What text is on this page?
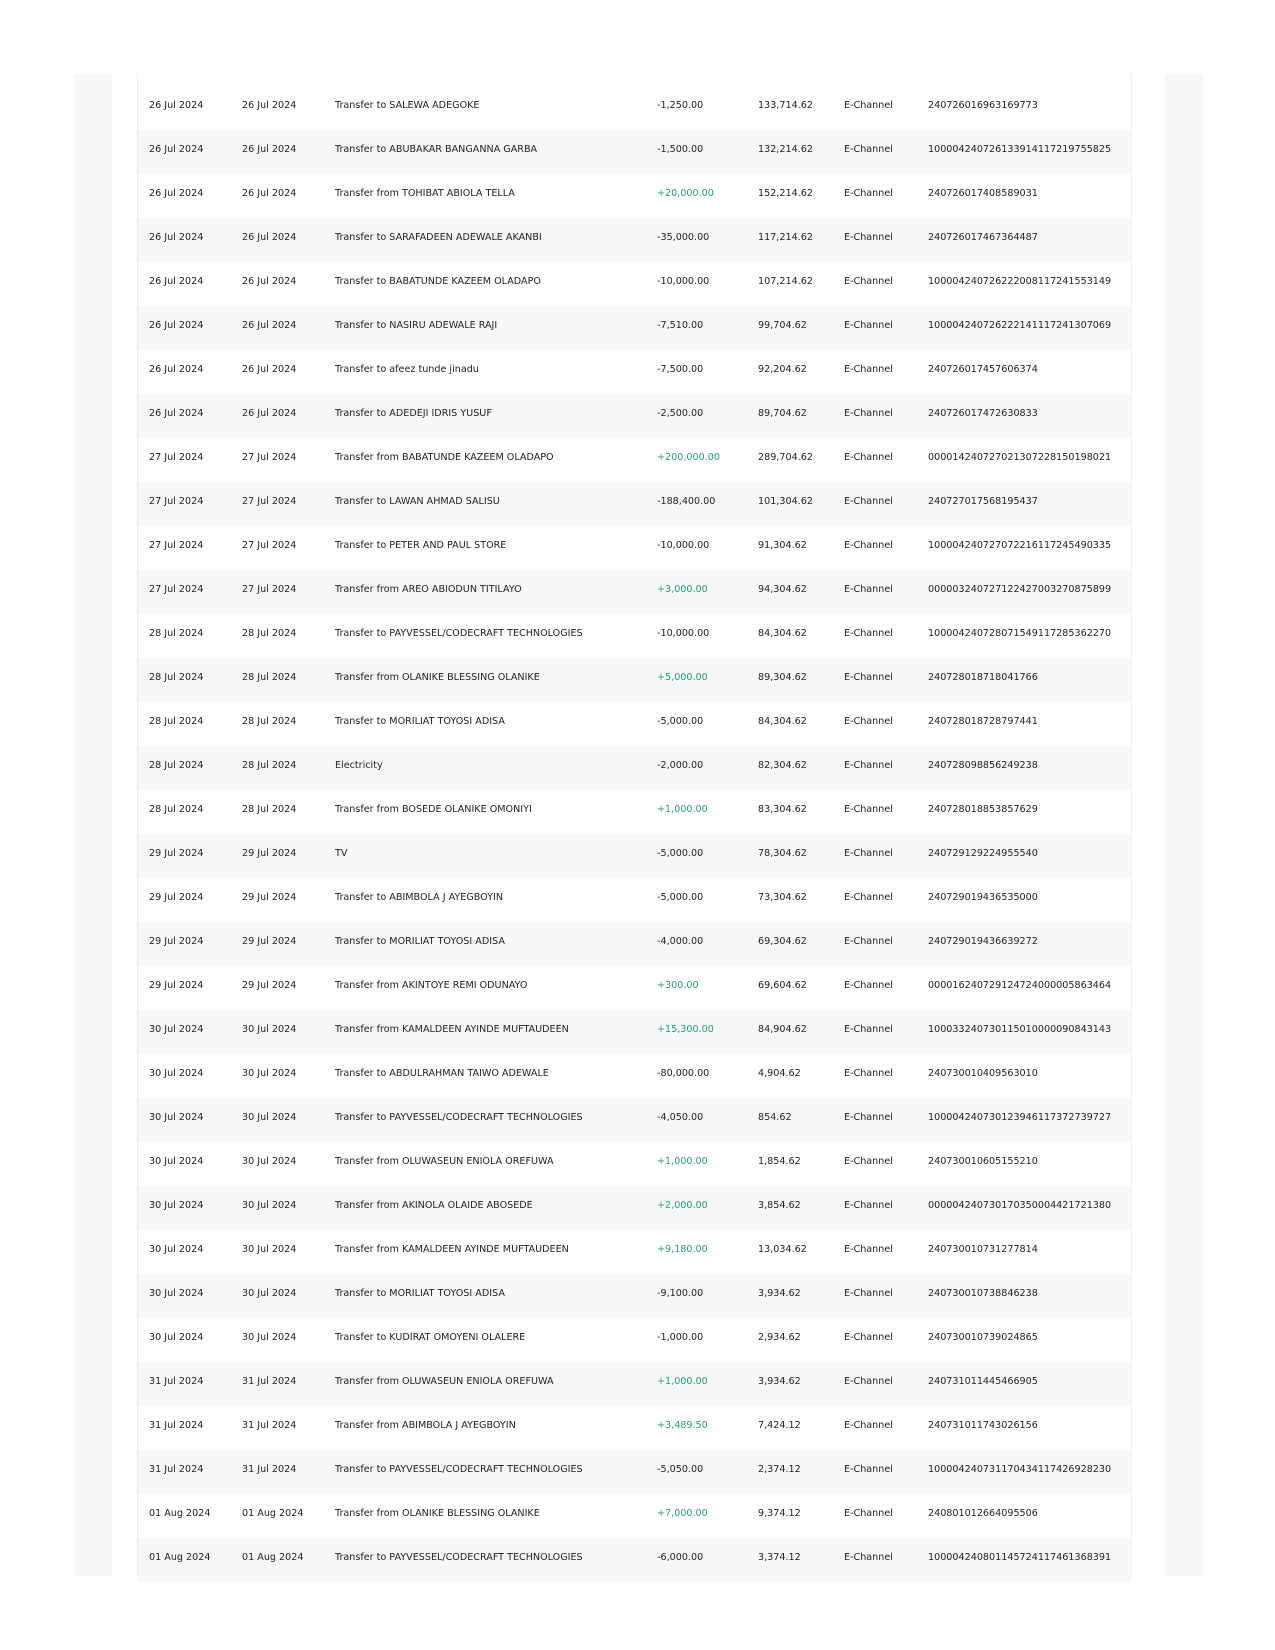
26 Jul 2024	26 Jul 2024	Transfer to SALEWA ADEGOKE	-1,250.00	133,714.62	E-Channel	240726016963169773
26 Jul 2024	26 Jul 2024	Transfer to ABUBAKAR BANGANNA GARBA	-1,500.00	132,214.62	E-Channel	100004240726133914117219755825
26 Jul 2024	26 Jul 2024	Transfer from TOHIBAT ABIOLA TELLA	+20,000.00	152,214.62	E-Channel	240726017408589031
26 Jul 2024	26 Jul 2024	Transfer to SARAFADEEN ADEWALE AKANBI	-35,000.00	117,214.62	E-Channel	240726017467364487
26 Jul 2024	26 Jul 2024	Transfer to BABATUNDE KAZEEM OLADAPO	-10,000.00	107,214.62	E-Channel	100004240726222008117241553149
26 Jul 2024	26 Jul 2024	Transfer to NASIRU ADEWALE RAJI	-7,510.00	99,704.62	E-Channel	100004240726222141117241307069
26 Jul 2024	26 Jul 2024	Transfer to afeez tunde jinadu	-7,500.00	92,204.62	E-Channel	240726017457606374
26 Jul 2024	26 Jul 2024	Transfer to ADEDEJI IDRIS YUSUF	-2,500.00	89,704.62	E-Channel	240726017472630833
27 Jul 2024	27 Jul 2024	Transfer from BABATUNDE KAZEEM OLADAPO	+200,000.00	289,704.62	E-Channel	000014240727021307228150198021
27 Jul 2024	27 Jul 2024	Transfer to LAWAN AHMAD SALISU	-188,400.00	101,304.62	E-Channel	240727017568195437
27 Jul 2024	27 Jul 2024	Transfer to PETER AND PAUL STORE	-10,000.00	91,304.62	E-Channel	100004240727072216117245490335
27 Jul 2024	27 Jul 2024	Transfer from AREO ABIODUN TITILAYO	+3,000.00	94,304.62	E-Channel	000003240727122427003270875899
28 Jul 2024	28 Jul 2024	Transfer to PAYVESSEL/CODECRAFT TECHNOLOGIES	-10,000.00	84,304.62	E-Channel	100004240728071549117285362270
28 Jul 2024	28 Jul 2024	Transfer from OLANIKE BLESSING OLANIKE	+5,000.00	89,304.62	E-Channel	240728018718041766
28 Jul 2024	28 Jul 2024	Transfer to MORILIAT TOYOSI ADISA	-5,000.00	84,304.62	E-Channel	240728018728797441
28 Jul 2024	28 Jul 2024	Electricity	-2,000.00	82,304.62	E-Channel	240728098856249238
28 Jul 2024	28 Jul 2024	Transfer from BOSEDE OLANIKE OMONIYI	+1,000.00	83,304.62	E-Channel	240728018853857629
29 Jul 2024	29 Jul 2024	TV	-5,000.00	78,304.62	E-Channel	240729129224955540
29 Jul 2024	29 Jul 2024	Transfer to ABIMBOLA J AYEGBOYIN	-5,000.00	73,304.62	E-Channel	240729019436535000
29 Jul 2024	29 Jul 2024	Transfer to MORILIAT TOYOSI ADISA	-4,000.00	69,304.62	E-Channel	240729019436639272
29 Jul 2024	29 Jul 2024	Transfer from AKINTOYE REMI ODUNAYO	+300.00	69,604.62	E-Channel	000016240729124724000005863464
30 Jul 2024	30 Jul 2024	Transfer from KAMALDEEN AYINDE MUFTAUDEEN	+15,300.00	84,904.62	E-Channel	100033240730115010000090843143
30 Jul 2024	30 Jul 2024	Transfer to ABDULRAHMAN TAIWO ADEWALE	-80,000.00	4,904.62	E-Channel	240730010409563010
30 Jul 2024	30 Jul 2024	Transfer to PAYVESSEL/CODECRAFT TECHNOLOGIES	-4,050.00	854.62	E-Channel	100004240730123946117372739727
30 Jul 2024	30 Jul 2024	Transfer from OLUWASEUN ENIOLA OREFUWA	+1,000.00	1,854.62	E-Channel	240730010605155210
30 Jul 2024	30 Jul 2024	Transfer from AKINOLA OLAIDE ABOSEDE	+2,000.00	3,854.62	E-Channel	000004240730170350004421721380
30 Jul 2024	30 Jul 2024	Transfer from KAMALDEEN AYINDE MUFTAUDEEN	+9,180.00	13,034.62	E-Channel	240730010731277814
30 Jul 2024	30 Jul 2024	Transfer to MORILIAT TOYOSI ADISA	-9,100.00	3,934.62	E-Channel	240730010738846238
30 Jul 2024	30 Jul 2024	Transfer to KUDIRAT OMOYENI OLALERE	-1,000.00	2,934.62	E-Channel	240730010739024865
31 Jul 2024	31 Jul 2024	Transfer from OLUWASEUN ENIOLA OREFUWA	+1,000.00	3,934.62	E-Channel	240731011445466905
31 Jul 2024	31 Jul 2024	Transfer from ABIMBOLA J AYEGBOYIN	+3,489.50	7,424.12	E-Channel	240731011743026156
31 Jul 2024	31 Jul 2024	Transfer to PAYVESSEL/CODECRAFT TECHNOLOGIES	-5,050.00	2,374.12	E-Channel	100004240731170434117426928230
01 Aug 2024	01 Aug 2024	Transfer from OLANIKE BLESSING OLANIKE	+7,000.00	9,374.12	E-Channel	240801012664095506
01 Aug 2024	01 Aug 2024	Transfer to PAYVESSEL/CODECRAFT TECHNOLOGIES	-6,000.00	3,374.12	E-Channel	100004240801145724117461368391
